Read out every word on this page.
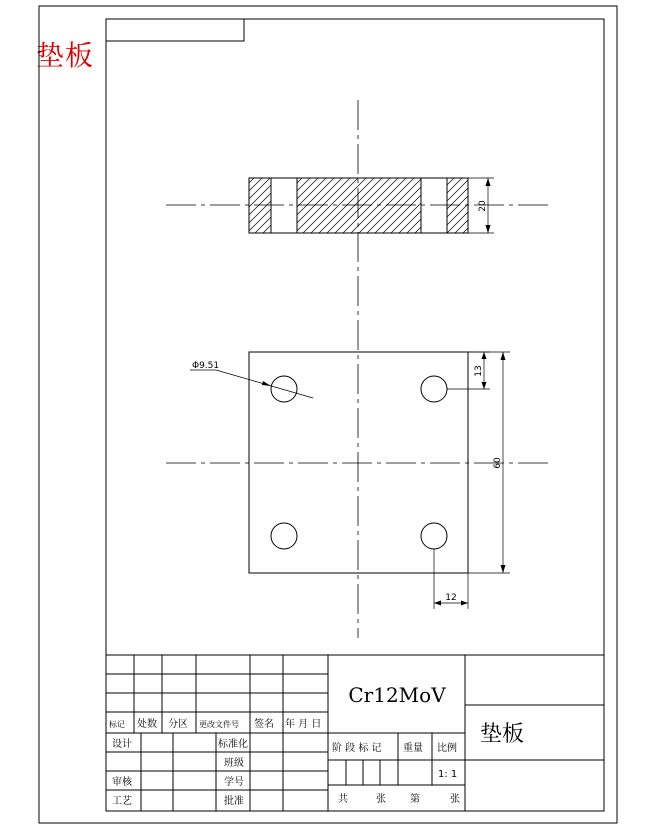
垫板
20
Φ9.51	13
60
12
Cr12MoV
垫板
标记 处数 分区 更改文件号 签名 年 月 日
设计	标准化
班级
审核	学号
工艺	批准
阶 段 标 记 重量 比例
1: 1
共	张 第	张
